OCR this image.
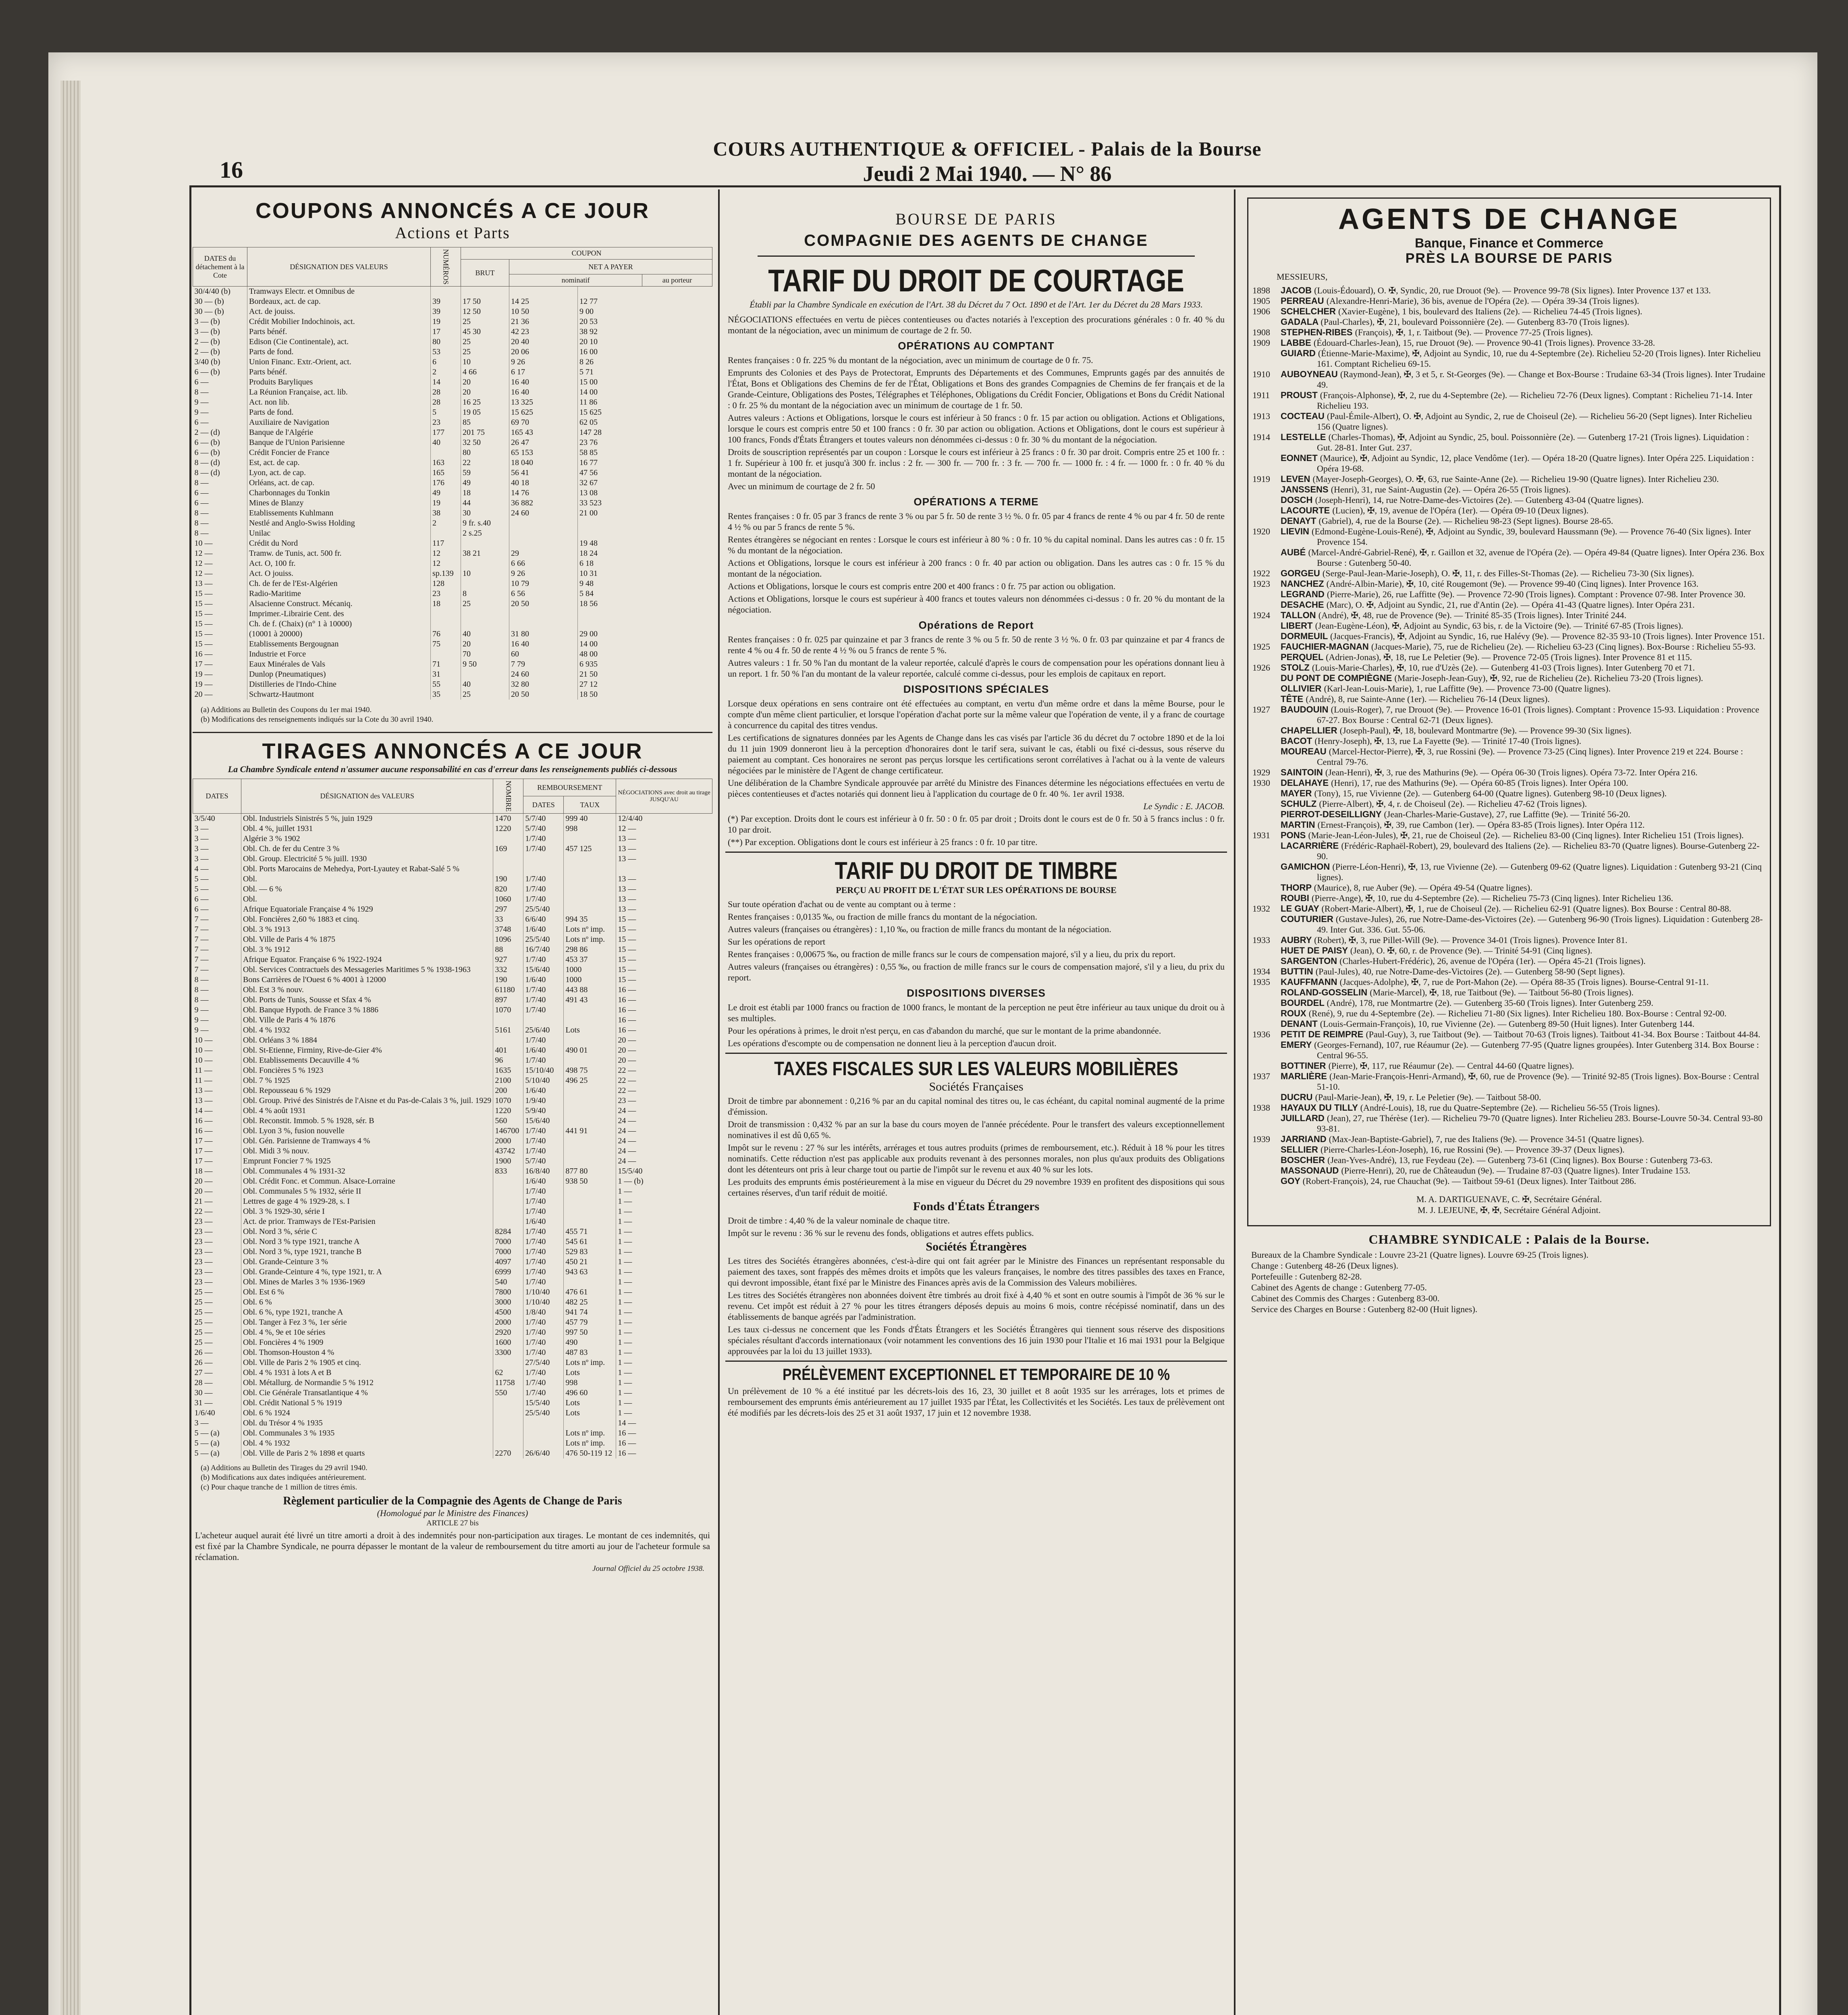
16
COURS AUTHENTIQUE & OFFICIEL - Palais de la Bourse
Jeudi 2 Mai 1940. — N° 86
COUPONS ANNONCÉS A CE JOUR
Actions et Parts
DATES du détachement à la Cote	DÉSIGNATION DES VALEURS	NUMÉROS	COUPON			
			BRUT	NET A PAYER		
				nominatif		au porteur
30/4/40 (b)	Tramways Electr. et Omnibus de					
30 — (b)	Bordeaux, act. de cap.	39	17 50	14 25	12 77	
30 — (b)	Act. de jouiss.	39	12 50	10 50	9 00	
3 — (b)	Crédit Mobilier Indochinois, act.	19	25	21 36	20 53	
3 — (b)	Parts bénéf.	17	45 30	42 23	38 92	
2 — (b)	Edison (Cie Continentale), act.	80	25	20 40	20 10	
2 — (b)	Parts de fond.	53	25	20 06	16 00	
3/40 (b)	Union Financ. Extr.-Orient, act.	6	10	9 26	8 26	
6 — (b)	Parts bénéf.	2	4 66	6 17	5 71	
6 —	Produits Baryliques	14	20	16 40	15 00	
8 —	La Réunion Française, act. lib.	28	20	16 40	14 00	
9 —	Act. non lib.	28	16 25	13 325	11 86	
9 —	Parts de fond.	5	19 05	15 625	15 625	
6 —	Auxiliaire de Navigation	23	85	69 70	62 05	
2 — (d)	Banque de l'Algérie	177	201 75	165 43	147 28	
6 — (b)	Banque de l'Union Parisienne	40	32 50	26 47	23 76	
6 — (b)	Crédit Foncier de France		80	65 153	58 85	
8 — (d)	Est, act. de cap.	163	22	18 040	16 77	
8 — (d)	Lyon, act. de cap.	165	59	56 41	47 56	
8 —	Orléans, act. de cap.	176	49	40 18	32 67	
6 —	Charbonnages du Tonkin	49	18	14 76	13 08	
6 —	Mines de Blanzy	19	44	36 882	33 523	
8 —	Etablissements Kuhlmann	38	30	24 60	21 00	
8 —	Nestlé and Anglo-Swiss Holding	2	9 fr. s.40			
8 —	Unilac		2 s.25			
10 —	Crédit du Nord	117			19 48	
12 —	Tramw. de Tunis, act. 500 fr.	12	38 21	29	18 24	
12 —	Act. O, 100 fr.	12		6 66	6 18	
12 —	Act. O jouiss.	sp.139	10	9 26	10 31	
13 —	Ch. de fer de l'Est-Algérien	128		10 79	9 48	
15 —	Radio-Maritime	23	8	6 56	5 84	
15 —	Alsacienne Construct. Mécaniq.	18	25	20 50	18 56	
15 —	Imprimer.-Librairie Cent. des					
15 —	Ch. de f. (Chaix) (n° 1 à 10000)					
15 —	(10001 à 20000)	76	40	31 80	29 00	
15 —	Etablissements Bergougnan	75	20	16 40	14 00	
16 —	Industrie et Force		70	60	48 00	
17 —	Eaux Minérales de Vals	71	9 50	7 79	6 935	
19 —	Dunlop (Pneumatiques)	31		24 60	21 50	
19 —	Distilleries de l'Indo-Chine	55	40	32 80	27 12	
20 —	Schwartz-Hautmont	35	25	20 50	18 50	
(a) Additions au Bulletin des Coupons du 1er mai 1940.
(b) Modifications des renseignements indiqués sur la Cote du 30 avril 1940.
TIRAGES ANNONCÉS A CE JOUR
La Chambre Syndicale entend n'assumer aucune responsabilité en cas d'erreur dans les renseignements publiés ci-dessous
DATES	DÉSIGNATION des VALEURS	NOMBRE	REMBOURSEMENT		NÉGOCIATIONS avec droit au tirage JUSQU'AU
			DATES	TAUX	
3/5/40	Obl. Industriels Sinistrés 5 %, juin 1929	1470	5/7/40	999 40	12/4/40
3 —	Obl. 4 %, juillet 1931	1220	5/7/40	998	12 —
3 —	Algérie 3 % 1902		1/7/40		13 —
3 —	Obl. Ch. de fer du Centre 3 %	169	1/7/40	457 125	13 —
3 —	Obl. Group. Electricité 5 % juill. 1930				13 —
4 —	Obl. Ports Marocains de Mehedya, Port-Lyautey et Rabat-Salé 5 %				
5 —	Obl.	190	1/7/40		13 —
5 —	Obl. — 6 %	820	1/7/40		13 —
6 —	Obl.	1060	1/7/40		13 —
6 —	Afrique Equatoriale Française 4 % 1929	297	25/5/40		13 —
7 —	Obl. Foncières 2,60 % 1883 et cinq.	33	6/6/40	994 35	15 —
7 —	Obl. 3 % 1913	3748	1/6/40	Lots nº imp.	15 —
7 —	Obl. Ville de Paris 4 % 1875	1096	25/5/40	Lots nº imp.	15 —
7 —	Obl. 3 % 1912	88	16/7/40	298 86	15 —
7 —	Afrique Equator. Française 6 % 1922-1924	927	1/7/40	453 37	15 —
7 —	Obl. Services Contractuels des Messageries Maritimes 5 % 1938-1963	332	15/6/40	1000	15 —
8 —	Bons Carrières de l'Ouest 6 % 4001 à 12000	190	1/6/40	1000	15 —
8 —	Obl. Est 3 % nouv.	61180	1/7/40	443 88	16 —
8 —	Obl. Ports de Tunis, Sousse et Sfax 4 %	897	1/7/40	491 43	16 —
9 —	Obl. Banque Hypoth. de France 3 % 1886	1070	1/7/40		16 —
9 —	Obl. Ville de Paris 4 % 1876				16 —
9 —	Obl. 4 % 1932	5161	25/6/40	Lots	16 —
10 —	Obl. Orléans 3 % 1884		1/7/40		20 —
10 —	Obl. St-Etienne, Firminy, Rive-de-Gier 4%	401	1/6/40	490 01	20 —
10 —	Obl. Etablissements Decauville 4 %	96	1/7/40		20 —
11 —	Obl. Foncières 5 % 1923	1635	15/10/40	498 75	22 —
11 —	Obl. 7 % 1925	2100	5/10/40	496 25	22 —
13 —	Obl. Repousseau 6 % 1929	200	1/6/40		22 —
13 —	Obl. Group. Privé des Sinistrés de l'Aisne et du Pas-de-Calais 3 %, juil. 1929	1070	1/9/40		23 —
14 —	Obl. 4 % août 1931	1220	5/9/40		24 —
16 —	Obl. Reconstit. Immob. 5 % 1928, sér. B	560	15/6/40		24 —
16 —	Obl. Lyon 3 %, fusion nouvelle	146700	1/7/40	441 91	24 —
17 —	Obl. Gén. Parisienne de Tramways 4 %	2000	1/7/40		24 —
17 —	Obl. Midi 3 % nouv.	43742	1/7/40		24 —
17 —	Emprunt Foncier 7 % 1925	1900	5/7/40		24 —
18 —	Obl. Communales 4 % 1931-32	833	16/8/40	877 80	15/5/40
20 —	Obl. Crédit Fonc. et Commun. Alsace-Lorraine		1/6/40	938 50	1 — (b)
20 —	Obl. Communales 5 % 1932, série II		1/7/40		1 —
21 —	Lettres de gage 4 % 1929-28, s. I		1/7/40		1 —
22 —	Obl. 3 % 1929-30, série I		1/7/40		1 —
23 —	Act. de prior. Tramways de l'Est-Parisien		1/6/40		1 —
23 —	Obl. Nord 3 %, série C	8284	1/7/40	455 71	1 —
23 —	Obl. Nord 3 % type 1921, tranche A	7000	1/7/40	545 61	1 —
23 —	Obl. Nord 3 %, type 1921, tranche B	7000	1/7/40	529 83	1 —
23 —	Obl. Grande-Ceinture 3 %	4097	1/7/40	450 21	1 —
23 —	Obl. Grande-Ceinture 4 %, type 1921, tr. A	6999	1/7/40	943 63	1 —
23 —	Obl. Mines de Marles 3 % 1936-1969	540	1/7/40		1 —
25 —	Obl. Est 6 %	7800	1/10/40	476 61	1 —
25 —	Obl. 6 %	3000	1/10/40	482 25	1 —
25 —	Obl. 6 %, type 1921, tranche A	4500	1/8/40	941 74	1 —
25 —	Obl. Tanger à Fez 3 %, 1er série	2000	1/7/40	457 79	1 —
25 —	Obl. 4 %, 9e et 10e séries	2920	1/7/40	997 50	1 —
25 —	Obl. Foncières 4 % 1909	1600	1/7/40	490	1 —
26 —	Obl. Thomson-Houston 4 %	3300	1/7/40	487 83	1 —
26 —	Obl. Ville de Paris 2 % 1905 et cinq.		27/5/40	Lots nº imp.	1 —
27 —	Obl. 4 % 1931 à lots A et B	62	1/7/40	Lots	1 —
28 —	Obl. Métallurg. de Normandie 5 % 1912	11758	1/7/40	998	1 —
30 —	Obl. Cie Générale Transatlantique 4 %	550	1/7/40	496 60	1 —
31 —	Obl. Crédit National 5 % 1919		15/5/40	Lots	1 —
1/6/40	Obl. 6 % 1924		25/5/40	Lots	1 —
3 —	Obl. du Trésor 4 % 1935				14 —
5 — (a)	Obl. Communales 3 % 1935			Lots nº imp.	16 —
5 — (a)	Obl. 4 % 1932			Lots nº imp.	16 —
5 — (a)	Obl. Ville de Paris 2 % 1898 et quarts	2270	26/6/40	476 50-119 12	16 —
(a) Additions au Bulletin des Tirages du 29 avril 1940.
(b) Modifications aux dates indiquées antérieurement.
(c) Pour chaque tranche de 1 million de titres émis.
Règlement particulier de la Compagnie des Agents de Change de Paris
(Homologué par le Ministre des Finances)
ARTICLE 27 bis
L'acheteur auquel aurait été livré un titre amorti a droit à des indemnités pour non-participation aux tirages. Le montant de ces indemnités, qui est fixé par la Chambre Syndicale, ne pourra dépasser le montant de la valeur de remboursement du titre amorti au jour de l'acheteur formule sa réclamation.
Journal Officiel du 25 octobre 1938.
BOURSE DE PARIS
COMPAGNIE DES AGENTS DE CHANGE
TARIF DU DROIT DE COURTAGE
Établi par la Chambre Syndicale en exécution de l'Art. 38 du Décret du 7 Oct. 1890 et de l'Art. 1er du Décret du 28 Mars 1933.
NÉGOCIATIONS effectuées en vertu de pièces contentieuses ou d'actes notariés à l'exception des procurations générales : 0 fr. 40 % du montant de la négociation, avec un minimum de courtage de 2 fr. 50.
OPÉRATIONS AU COMPTANT
Rentes françaises : 0 fr. 225 % du montant de la négociation, avec un minimum de courtage de 0 fr. 75.
Emprunts des Colonies et des Pays de Protectorat, Emprunts des Départements et des Communes, Emprunts gagés par des annuités de l'État, Bons et Obligations des Chemins de fer de l'État, Obligations et Bons des grandes Compagnies de Chemins de fer français et de la Grande-Ceinture, Obligations des Postes, Télégraphes et Téléphones, Obligations du Crédit Foncier, Obligations et Bons du Crédit National : 0 fr. 25 % du montant de la négociation avec un minimum de courtage de 1 fr. 50.
Autres valeurs : Actions et Obligations, lorsque le cours est inférieur à 50 francs : 0 fr. 15 par action ou obligation. Actions et Obligations, lorsque le cours est compris entre 50 et 100 francs : 0 fr. 30 par action ou obligation. Actions et Obligations, dont le cours est supérieur à 100 francs, Fonds d'États Étrangers et toutes valeurs non dénommées ci-dessus : 0 fr. 30 % du montant de la négociation.
Droits de souscription représentés par un coupon : Lorsque le cours est inférieur à 25 francs : 0 fr. 30 par droit. Compris entre 25 et 100 fr. : 1 fr. Supérieur à 100 fr. et jusqu'à 300 fr. inclus : 2 fr. — 300 fr. — 700 fr. : 3 fr. — 700 fr. — 1000 fr. : 4 fr. — 1000 fr. : 0 fr. 40 % du montant de la négociation.
Avec un minimum de courtage de 2 fr. 50
OPÉRATIONS A TERME
Rentes françaises : 0 fr. 05 par 3 francs de rente 3 % ou par 5 fr. 50 de rente 3 ½ %. 0 fr. 05 par 4 francs de rente 4 % ou par 4 fr. 50 de rente 4 ½ % ou par 5 francs de rente 5 %.
Rentes étrangères se négociant en rentes : Lorsque le cours est inférieur à 80 % : 0 fr. 10 % du capital nominal. Dans les autres cas : 0 fr. 15 % du montant de la négociation.
Actions et Obligations, lorsque le cours est inférieur à 200 francs : 0 fr. 40 par action ou obligation. Dans les autres cas : 0 fr. 15 % du montant de la négociation.
Actions et Obligations, lorsque le cours est compris entre 200 et 400 francs : 0 fr. 75 par action ou obligation.
Actions et Obligations, lorsque le cours est supérieur à 400 francs et toutes valeurs non dénommées ci-dessus : 0 fr. 20 % du montant de la négociation.
Opérations de Report
Rentes françaises : 0 fr. 025 par quinzaine et par 3 francs de rente 3 % ou 5 fr. 50 de rente 3 ½ %. 0 fr. 03 par quinzaine et par 4 francs de rente 4 % ou 4 fr. 50 de rente 4 ½ % ou 5 francs de rente 5 %.
Autres valeurs : 1 fr. 50 % l'an du montant de la valeur reportée, calculé d'après le cours de compensation pour les opérations donnant lieu à un report. 1 fr. 50 % l'an du montant de la valeur reportée, calculé comme ci-dessus, pour les emplois de capitaux en report.
DISPOSITIONS SPÉCIALES
Lorsque deux opérations en sens contraire ont été effectuées au comptant, en vertu d'un même ordre et dans la même Bourse, pour le compte d'un même client particulier, et lorsque l'opération d'achat porte sur la même valeur que l'opération de vente, il y a franc de courtage à concurrence du capital des titres vendus.
Les certifications de signatures données par les Agents de Change dans les cas visés par l'article 36 du décret du 7 octobre 1890 et de la loi du 11 juin 1909 donneront lieu à la perception d'honoraires dont le tarif sera, suivant le cas, établi ou fixé ci-dessus, sous réserve du paiement au comptant. Ces honoraires ne seront pas perçus lorsque les certifications seront corrélatives à l'achat ou à la vente de valeurs négociées par le ministère de l'Agent de change certificateur.
Une délibération de la Chambre Syndicale approuvée par arrêté du Ministre des Finances détermine les négociations effectuées en vertu de pièces contentieuses et d'actes notariés qui donnent lieu à l'application du courtage de 0 fr. 40 %. 1er avril 1938.
Le Syndic : E. JACOB.
(*) Par exception. Droits dont le cours est inférieur à 0 fr. 50 : 0 fr. 05 par droit ; Droits dont le cours est de 0 fr. 50 à 5 francs inclus : 0 fr. 10 par droit.
(**) Par exception. Obligations dont le cours est inférieur à 25 francs : 0 fr. 10 par titre.
TARIF DU DROIT DE TIMBRE
PERÇU AU PROFIT DE L'ÉTAT SUR LES OPÉRATIONS DE BOURSE
Sur toute opération d'achat ou de vente au comptant ou à terme :
Rentes françaises : 0,0135 ‰, ou fraction de mille francs du montant de la négociation.
Autres valeurs (françaises ou étrangères) : 1,10 ‰, ou fraction de mille francs du montant de la négociation.
Sur les opérations de report
Rentes françaises : 0,00675 ‰, ou fraction de mille francs sur le cours de compensation majoré, s'il y a lieu, du prix du report.
Autres valeurs (françaises ou étrangères) : 0,55 ‰, ou fraction de mille francs sur le cours de compensation majoré, s'il y a lieu, du prix du report.
DISPOSITIONS DIVERSES
Le droit est établi par 1000 francs ou fraction de 1000 francs, le montant de la perception ne peut être inférieur au taux unique du droit ou à ses multiples.
Pour les opérations à primes, le droit n'est perçu, en cas d'abandon du marché, que sur le montant de la prime abandonnée.
Les opérations d'escompte ou de compensation ne donnent lieu à la perception d'aucun droit.
TAXES FISCALES SUR LES VALEURS MOBILIÈRES
Sociétés Françaises
Droit de timbre par abonnement : 0,216 % par an du capital nominal des titres ou, le cas échéant, du capital nominal augmenté de la prime d'émission.
Droit de transmission : 0,432 % par an sur la base du cours moyen de l'année précédente. Pour le transfert des valeurs exceptionnellement nominatives il est dû 0,65 %.
Impôt sur le revenu : 27 % sur les intérêts, arrérages et tous autres produits (primes de remboursement, etc.). Réduit à 18 % pour les titres nominatifs. Cette réduction n'est pas applicable aux produits revenant à des personnes morales, non plus qu'aux produits des Obligations dont les détenteurs ont pris à leur charge tout ou partie de l'impôt sur le revenu et aux 40 % sur les lots.
Les produits des emprunts émis postérieurement à la mise en vigueur du Décret du 29 novembre 1939 en profitent des dispositions qui sous certaines réserves, d'un tarif réduit de moitié.
Fonds d'États Étrangers
Droit de timbre : 4,40 % de la valeur nominale de chaque titre.
Impôt sur le revenu : 36 % sur le revenu des fonds, obligations et autres effets publics.
Sociétés Étrangères
Les titres des Sociétés étrangères abonnées, c'est-à-dire qui ont fait agréer par le Ministre des Finances un représentant responsable du paiement des taxes, sont frappés des mêmes droits et impôts que les valeurs françaises, le nombre des titres passibles des taxes en France, qui devront impossible, étant fixé par le Ministre des Finances après avis de la Commission des Valeurs mobilières.
Les titres des Sociétés étrangères non abonnées doivent être timbrés au droit fixé à 4,40 % et sont en outre soumis à l'impôt de 36 % sur le revenu. Cet impôt est réduit à 27 % pour les titres étrangers déposés depuis au moins 6 mois, contre récépissé nominatif, dans un des établissements de banque agréés par l'administration.
Les taux ci-dessus ne concernent que les Fonds d'États Étrangers et les Sociétés Étrangères qui tiennent sous réserve des dispositions spéciales résultant d'accords internationaux (voir notamment les conventions des 16 juin 1930 pour l'Italie et 16 mai 1931 pour la Belgique approuvées par la loi du 13 juillet 1933).
PRÉLÈVEMENT EXCEPTIONNEL ET TEMPORAIRE DE 10 %
Un prélèvement de 10 % a été institué par les décrets-lois des 16, 23, 30 juillet et 8 août 1935 sur les arrérages, lots et primes de remboursement des emprunts émis antérieurement au 17 juillet 1935 par l'État, les Collectivités et les Sociétés. Les taux de prélèvement ont été modifiés par les décrets-lois des 25 et 31 août 1937, 17 juin et 12 novembre 1938.
AGENTS DE CHANGE
Banque, Finance et Commerce
PRÈS LA BOURSE DE PARIS
MESSIEURS,
1898 JACOB (Louis-Édouard), O. ✠, Syndic, 20, rue Drouot (9e). — Provence 99-78 (Six lignes). Inter Provence 137 et 133.
1905 PERREAU (Alexandre-Henri-Marie), 36 bis, avenue de l'Opéra (2e). — Opéra 39-34 (Trois lignes).
1906 SCHELCHER (Xavier-Eugène), 1 bis, boulevard des Italiens (2e). — Richelieu 74-45 (Trois lignes).
GADALA (Paul-Charles), ✠, 21, boulevard Poissonnière (2e). — Gutenberg 83-70 (Trois lignes).
1908 STEPHEN-RIBES (François), ✠, 1, r. Taitbout (9e). — Provence 77-25 (Trois lignes).
1909 LABBE (Édouard-Charles-Jean), 15, rue Drouot (9e). — Provence 90-41 (Trois lignes). Provence 33-28.
GUIARD (Étienne-Marie-Maxime), ✠, Adjoint au Syndic, 10, rue du 4-Septembre (2e). Richelieu 52-20 (Trois lignes). Inter Richelieu 161. Comptant Richelieu 69-15.
1910 AUBOYNEAU (Raymond-Jean), ✠, 3 et 5, r. St-Georges (9e). — Change et Box-Bourse : Trudaine 63-34 (Trois lignes). Inter Trudaine 49.
1911 PROUST (François-Alphonse), ✠, 2, rue du 4-Septembre (2e). — Richelieu 72-76 (Deux lignes). Comptant : Richelieu 71-14. Inter Richelieu 193.
1913 COCTEAU (Paul-Émile-Albert), O. ✠, Adjoint au Syndic, 2, rue de Choiseul (2e). — Richelieu 56-20 (Sept lignes). Inter Richelieu 156 (Quatre lignes).
1914 LESTELLE (Charles-Thomas), ✠, Adjoint au Syndic, 25, boul. Poissonnière (2e). — Gutenberg 17-21 (Trois lignes). Liquidation : Gut. 28-81. Inter Gut. 237.
EONNET (Maurice), ✠, Adjoint au Syndic, 12, place Vendôme (1er). — Opéra 18-20 (Quatre lignes). Inter Opéra 225. Liquidation : Opéra 19-68.
1919 LEVEN (Mayer-Joseph-Georges), O. ✠, 63, rue Sainte-Anne (2e). — Richelieu 19-90 (Quatre lignes). Inter Richelieu 230.
JANSSENS (Henri), 31, rue Saint-Augustin (2e). — Opéra 26-55 (Trois lignes).
DOSCH (Joseph-Henri), 14, rue Notre-Dame-des-Victoires (2e). — Gutenberg 43-04 (Quatre lignes).
LACOURTE (Lucien), ✠, 19, avenue de l'Opéra (1er). — Opéra 09-10 (Deux lignes).
DENAYT (Gabriel), 4, rue de la Bourse (2e). — Richelieu 98-23 (Sept lignes). Bourse 28-65.
1920 LIEVIN (Edmond-Eugène-Louis-René), ✠, Adjoint au Syndic, 39, boulevard Haussmann (9e). — Provence 76-40 (Six lignes). Inter Provence 154.
AUBÉ (Marcel-André-Gabriel-René), ✠, r. Gaillon et 32, avenue de l'Opéra (2e). — Opéra 49-84 (Quatre lignes). Inter Opéra 236. Box Bourse : Gutenberg 50-40.
1922 GORGEU (Serge-Paul-Jean-Marie-Joseph), O. ✠, 11, r. des Filles-St-Thomas (2e). — Richelieu 73-30 (Six lignes).
1923 NANCHEZ (André-Albin-Marie), ✠, 10, cité Rougemont (9e). — Provence 99-40 (Cinq lignes). Inter Provence 163.
LEGRAND (Pierre-Marie), 26, rue Laffitte (9e). — Provence 72-90 (Trois lignes). Comptant : Provence 07-98. Inter Provence 30.
DESACHE (Marc), O. ✠, Adjoint au Syndic, 21, rue d'Antin (2e). — Opéra 41-43 (Quatre lignes). Inter Opéra 231.
1924 TALLON (André), ✠, 48, rue de Provence (9e). — Trinité 85-35 (Trois lignes). Inter Trinité 244.
LIBERT (Jean-Eugène-Léon), ✠, Adjoint au Syndic, 63 bis, r. de la Victoire (9e). — Trinité 67-85 (Trois lignes).
DORMEUIL (Jacques-Francis), ✠, Adjoint au Syndic, 16, rue Halévy (9e). — Provence 82-35 93-10 (Trois lignes). Inter Provence 151.
1925 FAUCHIER-MAGNAN (Jacques-Marie), 75, rue de Richelieu (2e). — Richelieu 63-23 (Cinq lignes). Box-Bourse : Richelieu 55-93.
PERQUEL (Adrien-Jonas), ✠, 18, rue Le Peletier (9e). — Provence 72-05 (Trois lignes). Inter Provence 81 et 115.
1926 STOLZ (Louis-Marie-Charles), ✠, 10, rue d'Uzès (2e). — Gutenberg 41-03 (Trois lignes). Inter Gutenberg 70 et 71.
DU PONT DE COMPIÈGNE (Marie-Joseph-Jean-Guy), ✠, 92, rue de Richelieu (2e). Richelieu 73-20 (Trois lignes).
OLLIVIER (Karl-Jean-Louis-Marie), 1, rue Laffitte (9e). — Provence 73-00 (Quatre lignes).
TÊTE (André), 8, rue Sainte-Anne (1er). — Richelieu 76-14 (Deux lignes).
1927 BAUDOUIN (Louis-Roger), 7, rue Drouot (9e). — Provence 16-01 (Trois lignes). Comptant : Provence 15-93. Liquidation : Provence 67-27. Box Bourse : Central 62-71 (Deux lignes).
CHAPELLIER (Joseph-Paul), ✠, 18, boulevard Montmartre (9e). — Provence 99-30 (Six lignes).
BACOT (Henry-Joseph), ✠, 13, rue La Fayette (9e). — Trinité 17-40 (Trois lignes).
MOUREAU (Marcel-Hector-Pierre), ✠, 3, rue Rossini (9e). — Provence 73-25 (Cinq lignes). Inter Provence 219 et 224. Bourse : Central 79-76.
1929 SAINTOIN (Jean-Henri), ✠, 3, rue des Mathurins (9e). — Opéra 06-30 (Trois lignes). Opéra 73-72. Inter Opéra 216.
1930 DELAHAYE (Henri), 17, rue des Mathurins (9e). — Opéra 60-85 (Trois lignes). Inter Opéra 100.
MAYER (Tony), 15, rue Vivienne (2e). — Gutenberg 64-00 (Quatre lignes). Gutenberg 98-10 (Deux lignes).
SCHULZ (Pierre-Albert), ✠, 4, r. de Choiseul (2e). — Richelieu 47-62 (Trois lignes).
PIERROT-DESEILLIGNY (Jean-Charles-Marie-Gustave), 27, rue Laffitte (9e). — Trinité 56-20.
MARTIN (Ernest-François), ✠, 39, rue Cambon (1er). — Opéra 83-85 (Trois lignes). Inter Opéra 112.
1931 PONS (Marie-Jean-Léon-Jules), ✠, 21, rue de Choiseul (2e). — Richelieu 83-00 (Cinq lignes). Inter Richelieu 151 (Trois lignes).
LACARRIÈRE (Frédéric-Raphaël-Robert), 29, boulevard des Italiens (2e). — Richelieu 83-70 (Quatre lignes). Bourse-Gutenberg 22-90.
GAMICHON (Pierre-Léon-Henri), ✠, 13, rue Vivienne (2e). — Gutenberg 09-62 (Quatre lignes). Liquidation : Gutenberg 93-21 (Cinq lignes).
THORP (Maurice), 8, rue Auber (9e). — Opéra 49-54 (Quatre lignes).
ROUBI (Pierre-Ange), ✠, 10, rue du 4-Septembre (2e). — Richelieu 75-73 (Cinq lignes). Inter Richelieu 136.
1932 LE GUAY (Robert-Marie-Albert), ✠, 1, rue de Choiseul (2e). — Richelieu 62-91 (Quatre lignes). Box Bourse : Central 80-88.
COUTURIER (Gustave-Jules), 26, rue Notre-Dame-des-Victoires (2e). — Gutenberg 96-90 (Trois lignes). Liquidation : Gutenberg 28-49. Inter Gut. 336. Gut. 55-06.
1933 AUBRY (Robert), ✠, 3, rue Pillet-Will (9e). — Provence 34-01 (Trois lignes). Provence Inter 81.
HUET DE PAISY (Jean), O. ✠, 60, r. de Provence (9e). — Trinité 54-91 (Cinq lignes).
SARGENTON (Charles-Hubert-Frédéric), 26, avenue de l'Opéra (1er). — Opéra 45-21 (Trois lignes).
1934 BUTTIN (Paul-Jules), 40, rue Notre-Dame-des-Victoires (2e). — Gutenberg 58-90 (Sept lignes).
1935 KAUFFMANN (Jacques-Adolphe), ✠, 7, rue de Port-Mahon (2e). — Opéra 88-35 (Trois lignes). Bourse-Central 91-11.
ROLAND-GOSSELIN (Marie-Marcel), ✠, 18, rue Taitbout (9e). — Taitbout 56-80 (Trois lignes).
BOURDEL (André), 178, rue Montmartre (2e). — Gutenberg 35-60 (Trois lignes). Inter Gutenberg 259.
ROUX (René), 9, rue du 4-Septembre (2e). — Richelieu 71-80 (Six lignes). Inter Richelieu 180. Box-Bourse : Central 92-00.
DENANT (Louis-Germain-François), 10, rue Vivienne (2e). — Gutenberg 89-50 (Huit lignes). Inter Gutenberg 144.
1936 PETIT DE REIMPRE (Paul-Guy), 3, rue Taitbout (9e). — Taitbout 70-63 (Trois lignes). Taitbout 41-34. Box Bourse : Taitbout 44-84.
EMERY (Georges-Fernand), 107, rue Réaumur (2e). — Gutenberg 77-95 (Quatre lignes groupées). Inter Gutenberg 314. Box Bourse : Central 96-55.
BOTTINER (Pierre), ✠, 117, rue Réaumur (2e). — Central 44-60 (Quatre lignes).
1937 MARLIÈRE (Jean-Marie-François-Henri-Armand), ✠, 60, rue de Provence (9e). — Trinité 92-85 (Trois lignes). Box-Bourse : Central 51-10.
DUCRU (Paul-Marie-Jean), ✠, 19, r. Le Peletier (9e). — Taitbout 58-00.
1938 HAYAUX DU TILLY (André-Louis), 18, rue du Quatre-Septembre (2e). — Richelieu 56-55 (Trois lignes).
JUILLARD (Jean), 27, rue Thérèse (1er). — Richelieu 79-70 (Quatre lignes). Inter Richelieu 283. Bourse-Louvre 50-34. Central 93-80 93-81.
1939 JARRIAND (Max-Jean-Baptiste-Gabriel), 7, rue des Italiens (9e). — Provence 34-51 (Quatre lignes).
SELLIER (Pierre-Charles-Léon-Joseph), 16, rue Rossini (9e). — Provence 39-37 (Deux lignes).
BOSCHER (Jean-Yves-André), 13, rue Feydeau (2e). — Gutenberg 73-61 (Cinq lignes). Box Bourse : Gutenberg 73-63.
MASSONAUD (Pierre-Henri), 20, rue de Châteaudun (9e). — Trudaine 87-03 (Quatre lignes). Inter Trudaine 153.
GOY (Robert-François), 24, rue Chauchat (9e). — Taitbout 59-61 (Deux lignes). Inter Taitbout 286.
M. A. DARTIGUENAVE, C. ✠, Secrétaire Général.
M. J. LEJEUNE, ✠, ✠, Secrétaire Général Adjoint.
CHAMBRE SYNDICALE : Palais de la Bourse.
Bureaux de la Chambre Syndicale : Louvre 23-21 (Quatre lignes). Louvre 69-25 (Trois lignes).
Change : Gutenberg 48-26 (Deux lignes).
Portefeuille : Gutenberg 82-28.
Cabinet des Agents de change : Gutenberg 77-05.
Cabinet des Commis des Charges : Gutenberg 83-00.
Service des Charges en Bourse : Gutenberg 82-00 (Huit lignes).
